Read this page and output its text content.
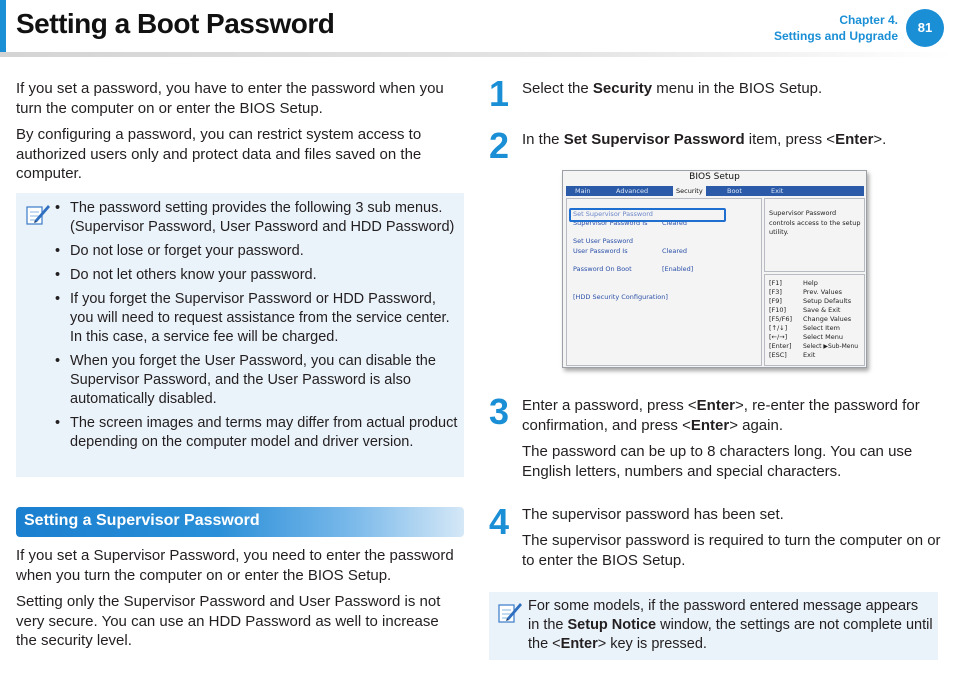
Setting a Boot Password	Chapter 4.
Settings and Upgrade
81

If you set a password, you have to enter the password when you turn the computer on or enter the BIOS Setup.

By configuring a password, you can restrict system access to authorized users only and protect data and files saved on the computer.

• The password setting provides the following 3 sub menus. (Supervisor Password, User Password and HDD Password)
• Do not lose or forget your password.
• Do not let others know your password.
• If you forget the Supervisor Password or HDD Password, you will need to request assistance from the service center. In this case, a service fee will be charged.
• When you forget the User Password, you can disable the Supervisor Password, and the User Password is also automatically disabled.
• The screen images and terms may differ from actual product depending on the computer model and driver version.
Setting a Supervisor Password

If you set a Supervisor Password, you need to enter the password when you turn the computer on or enter the BIOS Setup.

Setting only the Supervisor Password and User Password is not very secure. You can use an HDD Password as well to increase the security level.

1 Select the Security menu in the BIOS Setup.

2 In the Set Supervisor Password item, press <Enter>.

BIOS Setup
Main	Advanced	Security	Boot	Exit
Set Supervisor Password
Supervisor Password Is Cleared
Set User Password
User Password Is	Cleared
Password On Boot	[Enabled]
[HDD Security Configuration]
Supervisor Password controls access to the setup utility.
[F1]	Help
[F3]	Prev. Values
[F9]	Setup Defaults
[F10]	Save & Exit
[F5/F6] Change Values
[↑/↓] Select Item
[←/→] Select Menu
[Enter] Select ▶Sub-Menu
[ESC] Exit
3 Enter a password, press <Enter>, re-enter the password for confirmation, and press <Enter> again.

The password can be up to 8 characters long. You can use English letters, numbers and special characters.

4 The supervisor password has been set.

The supervisor password is required to turn the computer on or to enter the BIOS Setup.

For some models, if the password entered message appears in the Setup Notice window, the settings are not complete until the <Enter> key is pressed.
